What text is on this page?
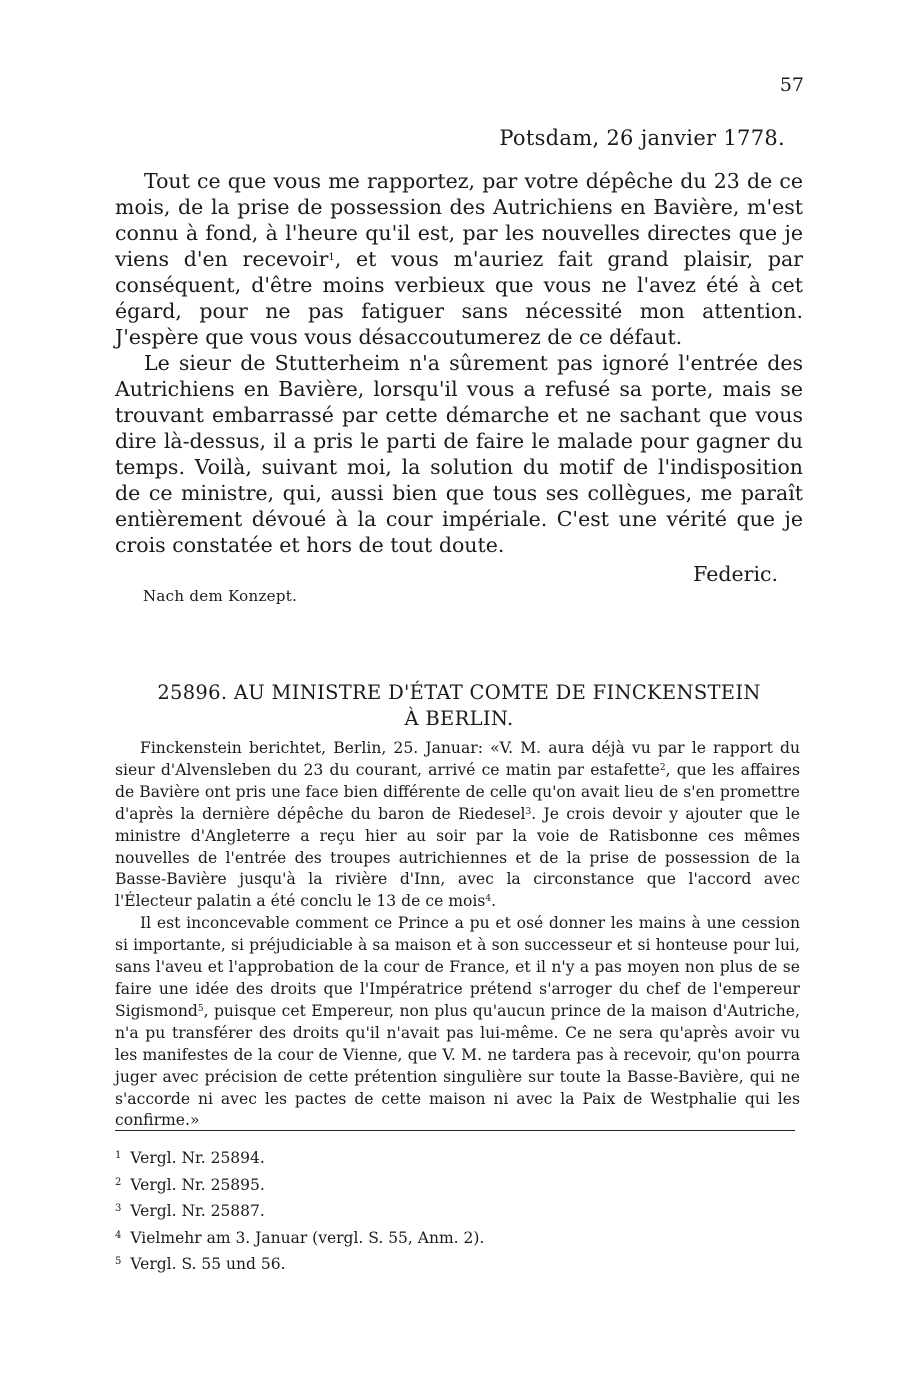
57
Potsdam, 26 janvier 1778.

Tout ce que vous me rapportez, par votre dépêche du 23 de ce mois, de la prise de possession des Autrichiens en Bavière, m'est connu à fond, à l'heure qu'il est, par les nouvelles directes que je viens d'en recevoir$^1$, et vous m'auriez fait grand plaisir, par conséquent, d'être moins verbieux que vous ne l'avez été à cet égard, pour ne pas fatiguer sans nécessité mon attention. J'espère que vous vous désaccoutumerez de ce défaut.

Le sieur de Stutterheim n'a sûrement pas ignoré l'entrée des Autrichiens en Bavière, lorsqu'il vous a refusé sa porte, mais se trouvant embarrassé par cette démarche et ne sachant que vous dire là-dessus, il a pris le parti de faire le malade pour gagner du temps. Voilà, suivant moi, la solution du motif de l'indisposition de ce ministre, qui, aussi bien que tous ses collègues, me paraît entièrement dévoué à la cour impériale. C'est une vérité que je crois constatée et hors de tout doute.

Federic.
Nach dem Konzept.
25896. AU MINISTRE D'ÉTAT COMTE DE FINCKENSTEIN
À BERLIN.

Finckenstein berichtet, Berlin, 25. Januar: «V. M. aura déjà vu par le rapport du sieur d'Alvensleben du 23 du courant, arrivé ce matin par estafette$^2$, que les affaires de Bavière ont pris une face bien différente de celle qu'on avait lieu de s'en promettre d'après la dernière dépêche du baron de Riedesel$^3$. Je crois devoir y ajouter que le ministre d'Angleterre a reçu hier au soir par la voie de Ratisbonne ces mêmes nouvelles de l'entrée des troupes autrichiennes et de la prise de possession de la Basse-Bavière jusqu'à la rivière d'Inn, avec la circonstance que l'accord avec l'Électeur palatin a été conclu le 13 de ce mois$^4$.

Il est inconcevable comment ce Prince a pu et osé donner les mains à une cession si importante, si préjudiciable à sa maison et à son successeur et si honteuse pour lui, sans l'aveu et l'approbation de la cour de France, et il n'y a pas moyen non plus de se faire une idée des droits que l'Impératrice prétend s'arroger du chef de l'empereur Sigismond$^5$, puisque cet Empereur, non plus qu'aucun prince de la maison d'Autriche, n'a pu transférer des droits qu'il n'avait pas lui-même. Ce ne sera qu'après avoir vu les manifestes de la cour de Vienne, que V. M. ne tardera pas à recevoir, qu'on pourra juger avec précision de cette prétention singulière sur toute la Basse-Bavière, qui ne s'accorde ni avec les pactes de cette maison ni avec la Paix de Westphalie qui les confirme.»

$^1$ Vergl. Nr. 25894.
$^2$ Vergl. Nr. 25895.
$^3$ Vergl. Nr. 25887.
$^4$ Vielmehr am 3. Januar (vergl. S. 55, Anm. 2).
$^5$ Vergl. S. 55 und 56.
